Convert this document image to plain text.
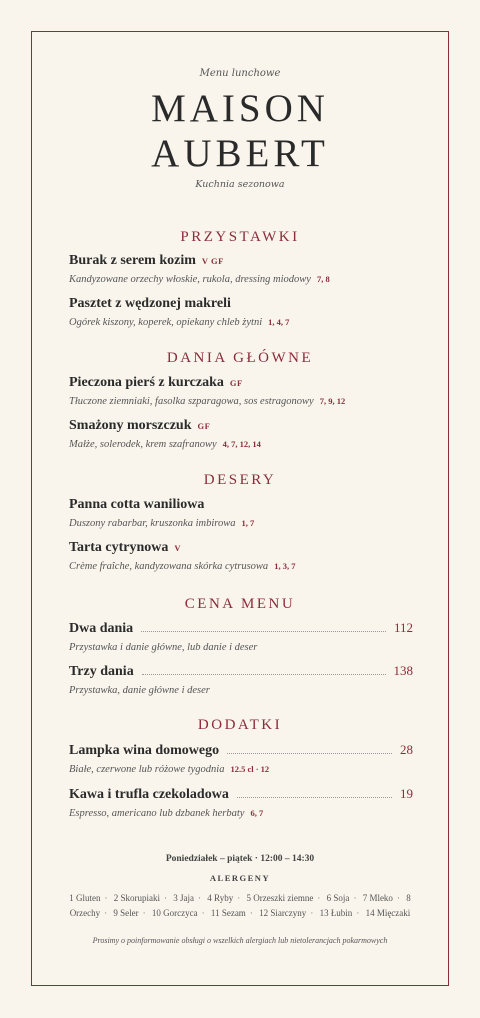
Menu lunchowe
MAISON
AUBERT
Kuchnia sezonowa
PRZYSTAWKI
Burak z serem kozim V GF
Kandyzowane orzechy włoskie, rukola, dressing miodowy 7, 8
Pasztet z wędzonej makreli
Ogórek kiszony, koperek, opiekany chleb żytni 1, 4, 7
DANIA GŁÓWNE
Pieczona pierś z kurczaka GF
Tłuczone ziemniaki, fasolka szparagowa, sos estragonowy 7, 9, 12
Smażony morszczuk GF
Małże, solerodek, krem szafranowy 4, 7, 12, 14
DESERY
Panna cotta waniliowa
Duszony rabarbar, kruszonka imbirowa 1, 7
Tarta cytrynowa V
Crème fraîche, kandyzowana skórka cytrusowa 1, 3, 7
CENA MENU
Dwa dania	112
Przystawka i danie główne, lub danie i deser
Trzy dania	138
Przystawka, danie główne i deser
DODATKI
Lampka wina domowego	28
Białe, czerwone lub różowe tygodnia 12.5 cl · 12
Kawa i trufla czekoladowa	19
Espresso, americano lub dzbanek herbaty 6, 7
Poniedziałek – piątek · 12:00 – 14:30
ALERGENY
1 Gluten · 2 Skorupiaki · 3 Jaja · 4 Ryby · 5 Orzeszki ziemne · 6 Soja · 7 Mleko · 8 Orzechy · 9 Seler · 10 Gorczyca · 11 Sezam · 12 Siarczyny · 13 Łubin · 14 Mięczaki
Prosimy o poinformowanie obsługi o wszelkich alergiach lub nietolerancjach pokarmowych
